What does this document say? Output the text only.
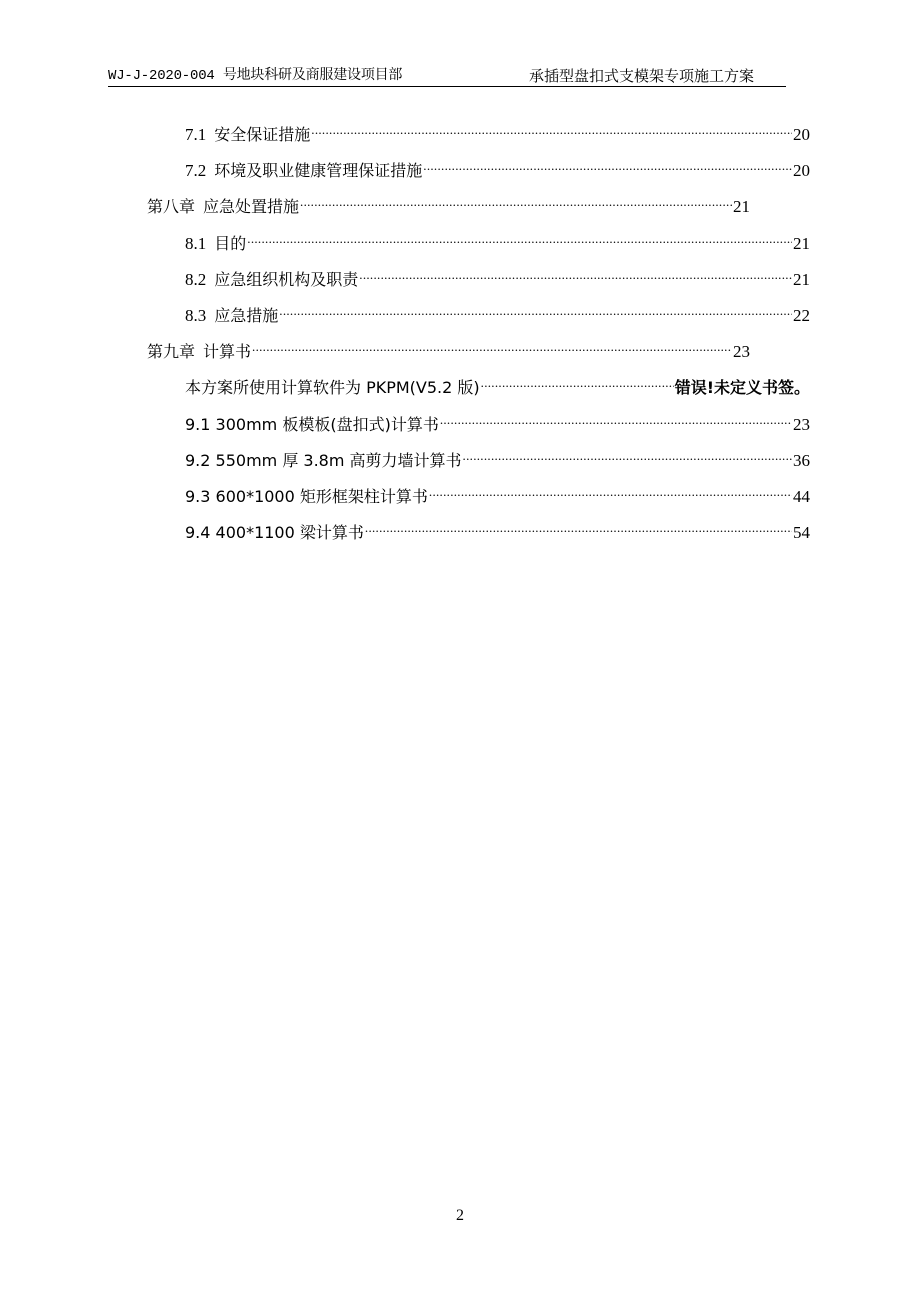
WJ-J-2020-004 号地块科研及商服建设项目部	承插型盘扣式支模架专项施工方案
7.1 安全保证措施 .....	20
7.2 环境及职业健康管理保证措施 .....	20
第八章 应急处置措施 .....	21
8.1 目的 .....	21
8.2 应急组织机构及职责 .....	21
8.3 应急措施 .....	22
第九章 计算书 .....	23
本方案所使用计算软件为 PKPM(V5.2 版) .....	错误!未定义书签。
9.1 300mm 板模板(盘扣式)计算书 .....	23
9.2 550mm 厚 3.8m 高剪力墙计算书 .....	36
9.3 600*1000 矩形框架柱计算书 .....	44
9.4 400*1100 梁计算书 .....	54
2
